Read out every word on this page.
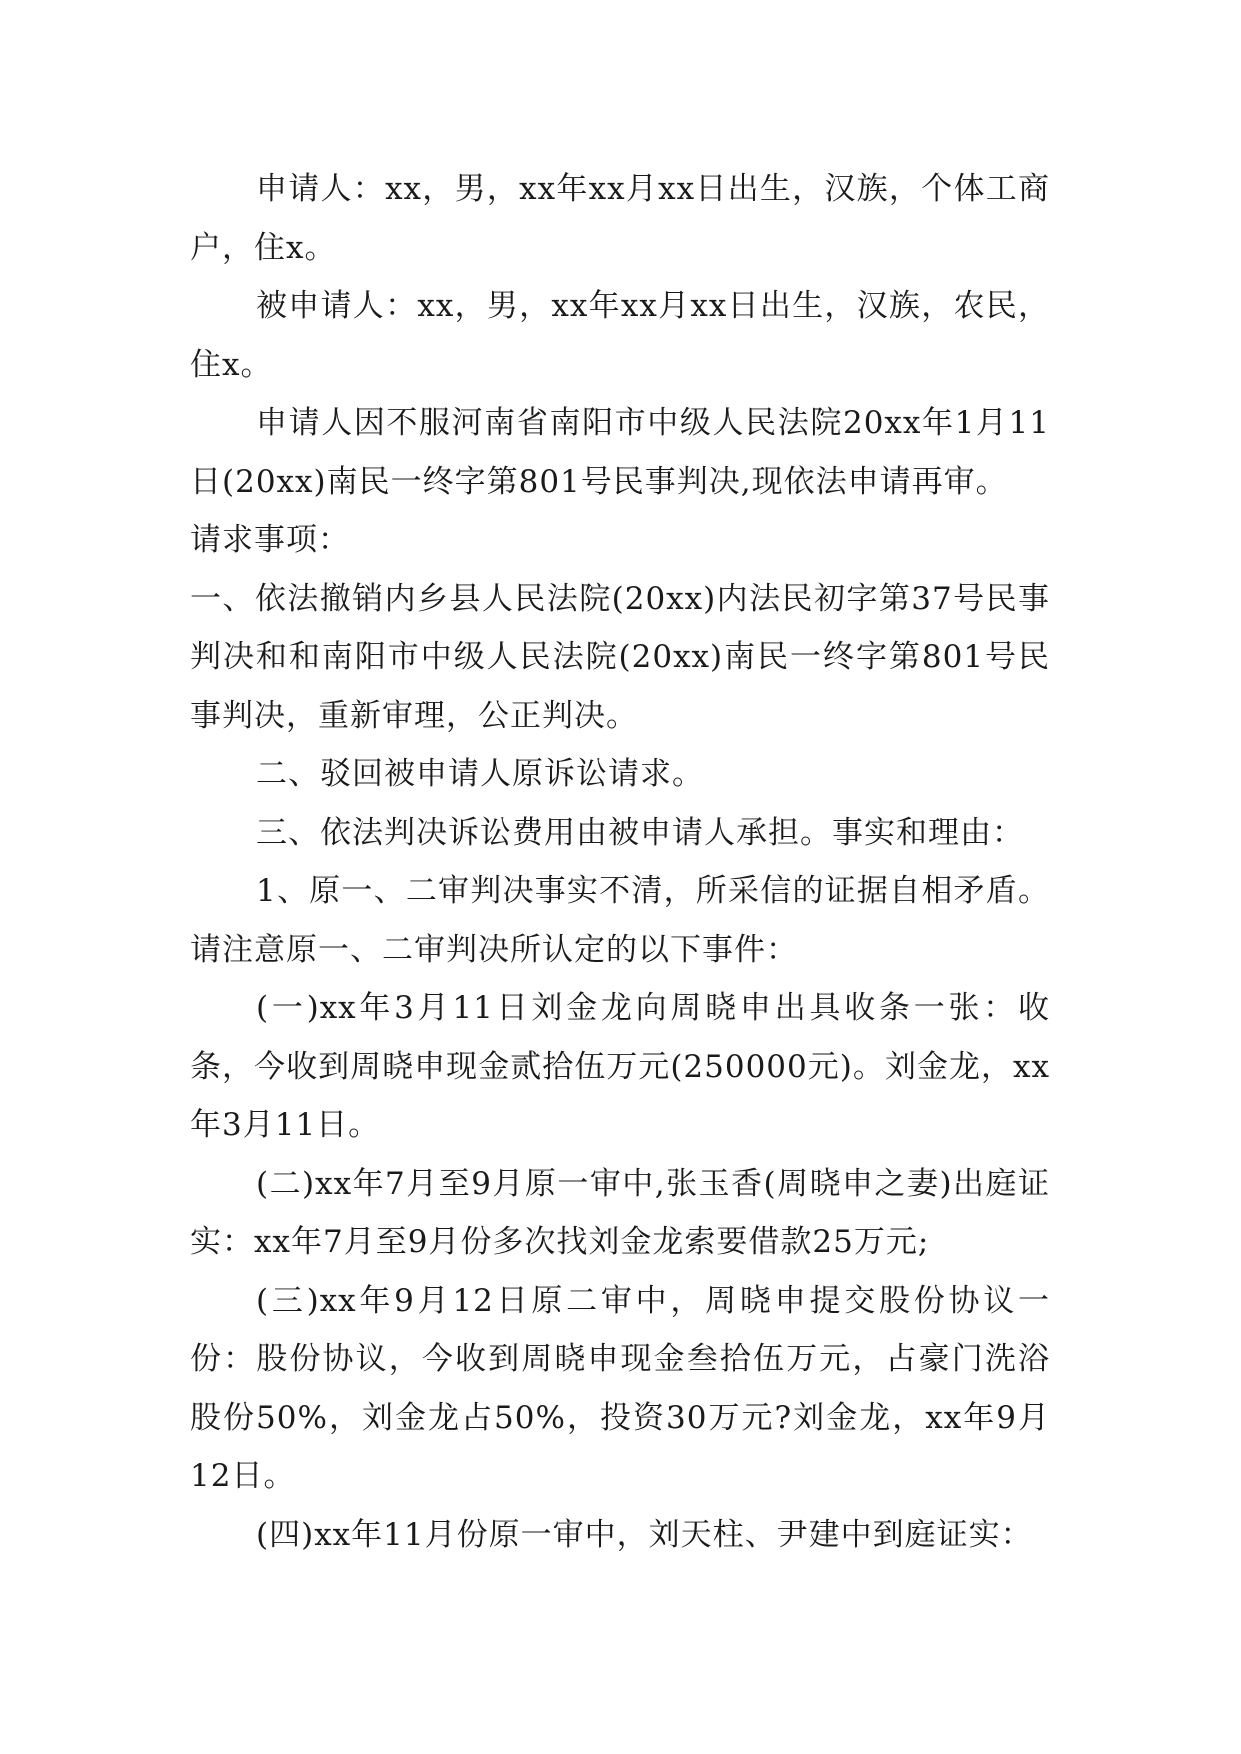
申请人：xx，男，xx年xx月xx日出生，汉族，个体工商户，住x。

被申请人：xx，男，xx年xx月xx日出生，汉族，农民，住x。

申请人因不服河南省南阳市中级人民法院20xx年1月11日(20xx)南民一终字第801号民事判决,现依法申请再审。

请求事项：

一、依法撤销内乡县人民法院(20xx)内法民初字第37号民事判决和和南阳市中级人民法院(20xx)南民一终字第801号民事判决，重新审理，公正判决。

二、驳回被申请人原诉讼请求。

三、依法判决诉讼费用由被申请人承担。事实和理由：

1、原一、二审判决事实不清，所采信的证据自相矛盾。请注意原一、二审判决所认定的以下事件：

(一)xx年3月11日刘金龙向周晓申出具收条一张：收条，今收到周晓申现金贰拾伍万元(250000元)。刘金龙，xx年3月11日。

(二)xx年7月至9月原一审中,张玉香(周晓申之妻)出庭证实：xx年7月至9月份多次找刘金龙索要借款25万元;

(三)xx年9月12日原二审中，周晓申提交股份协议一份：股份协议，今收到周晓申现金叁拾伍万元，占豪门洗浴股份50%，刘金龙占50%，投资30万元?刘金龙，xx年9月12日。

(四)xx年11月份原一审中，刘天柱、尹建中到庭证实：
